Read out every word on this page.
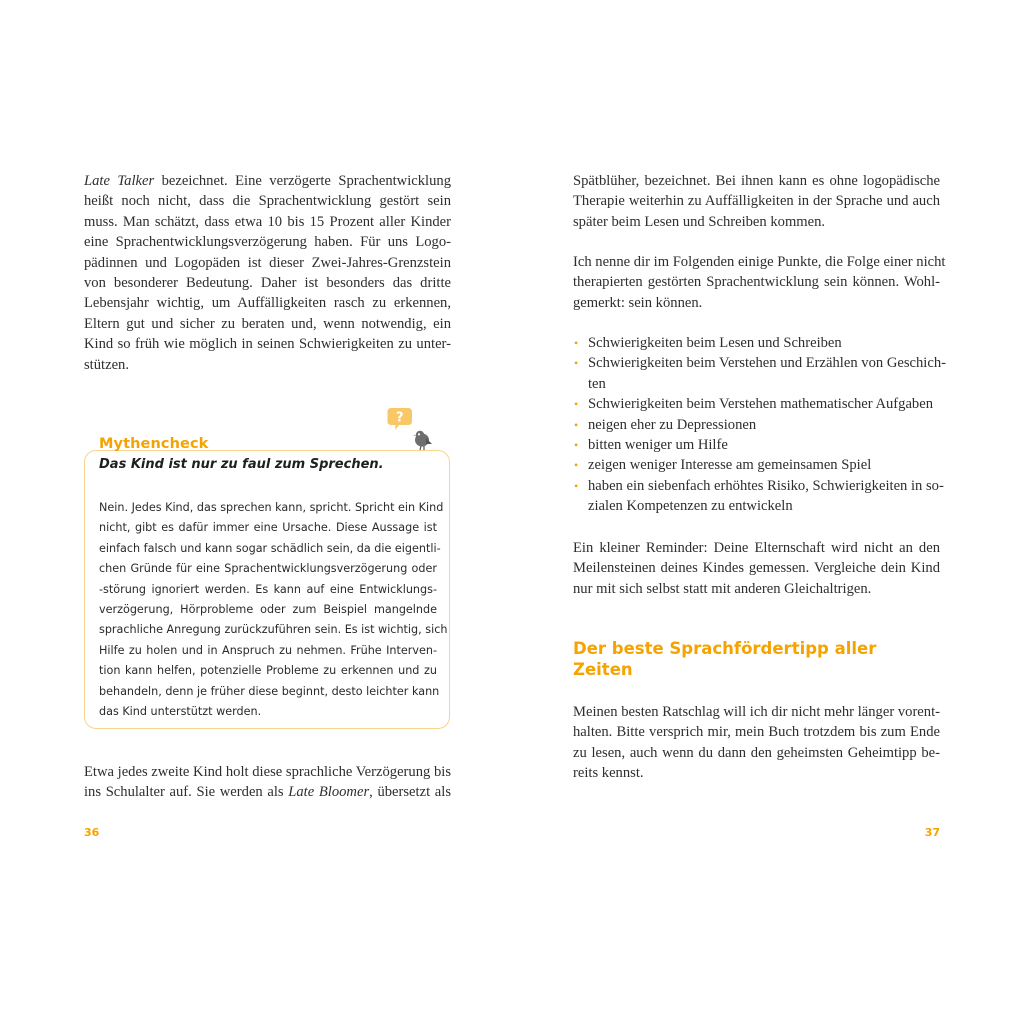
Late Talker bezeichnet. Eine verzögerte Sprachentwicklung
heißt noch nicht, dass die Sprachentwicklung gestört sein
muss. Man schätzt, dass etwa 10 bis 15 Prozent aller Kinder
eine Sprachentwicklungsverzögerung haben. Für uns Logo-
pädinnen und Logopäden ist dieser Zwei-Jahres-Grenzstein
von besonderer Bedeutung. Daher ist besonders das dritte
Lebensjahr wichtig, um Auffälligkeiten rasch zu erkennen,
Eltern gut und sicher zu beraten und, wenn notwendig, ein
Kind so früh wie möglich in seinen Schwierigkeiten zu unter-
stützen.
?
Mythencheck
Das Kind ist nur zu faul zum Sprechen.
Nein. Jedes Kind, das sprechen kann, spricht. Spricht ein Kind
nicht, gibt es dafür immer eine Ursache. Diese Aussage ist
einfach falsch und kann sogar schädlich sein, da die eigentli-
chen Gründe für eine Sprachentwicklungsverzögerung oder
-störung ignoriert werden. Es kann auf eine Entwicklungs-
verzögerung, Hörprobleme oder zum Beispiel mangelnde
sprachliche Anregung zurückzuführen sein. Es ist wichtig, sich
Hilfe zu holen und in Anspruch zu nehmen. Frühe Interven-
tion kann helfen, potenzielle Probleme zu erkennen und zu
behandeln, denn je früher diese beginnt, desto leichter kann
das Kind unterstützt werden.
Etwa jedes zweite Kind holt diese sprachliche Verzögerung bis
ins Schulalter auf. Sie werden als Late Bloomer, übersetzt als
36
Spätblüher, bezeichnet. Bei ihnen kann es ohne logopädische
Therapie weiterhin zu Auffälligkeiten in der Sprache und auch
später beim Lesen und Schreiben kommen.
Ich nenne dir im Folgenden einige Punkte, die Folge einer nicht
therapierten gestörten Sprachentwicklung sein können. Wohl-
gemerkt: sein können.
• Schwierigkeiten beim Lesen und Schreiben
• Schwierigkeiten beim Verstehen und Erzählen von Geschich-
ten
• Schwierigkeiten beim Verstehen mathematischer Aufgaben
• neigen eher zu Depressionen
• bitten weniger um Hilfe
• zeigen weniger Interesse am gemeinsamen Spiel
• haben ein siebenfach erhöhtes Risiko, Schwierigkeiten in so-
zialen Kompetenzen zu entwickeln
Ein kleiner Reminder: Deine Elternschaft wird nicht an den
Meilensteinen deines Kindes gemessen. Vergleiche dein Kind
nur mit sich selbst statt mit anderen Gleichaltrigen.
Der beste Sprachfördertipp aller
Zeiten
Meinen besten Ratschlag will ich dir nicht mehr länger vorent-
halten. Bitte versprich mir, mein Buch trotzdem bis zum Ende
zu lesen, auch wenn du dann den geheimsten Geheimtipp be-
reits kennst.
37
